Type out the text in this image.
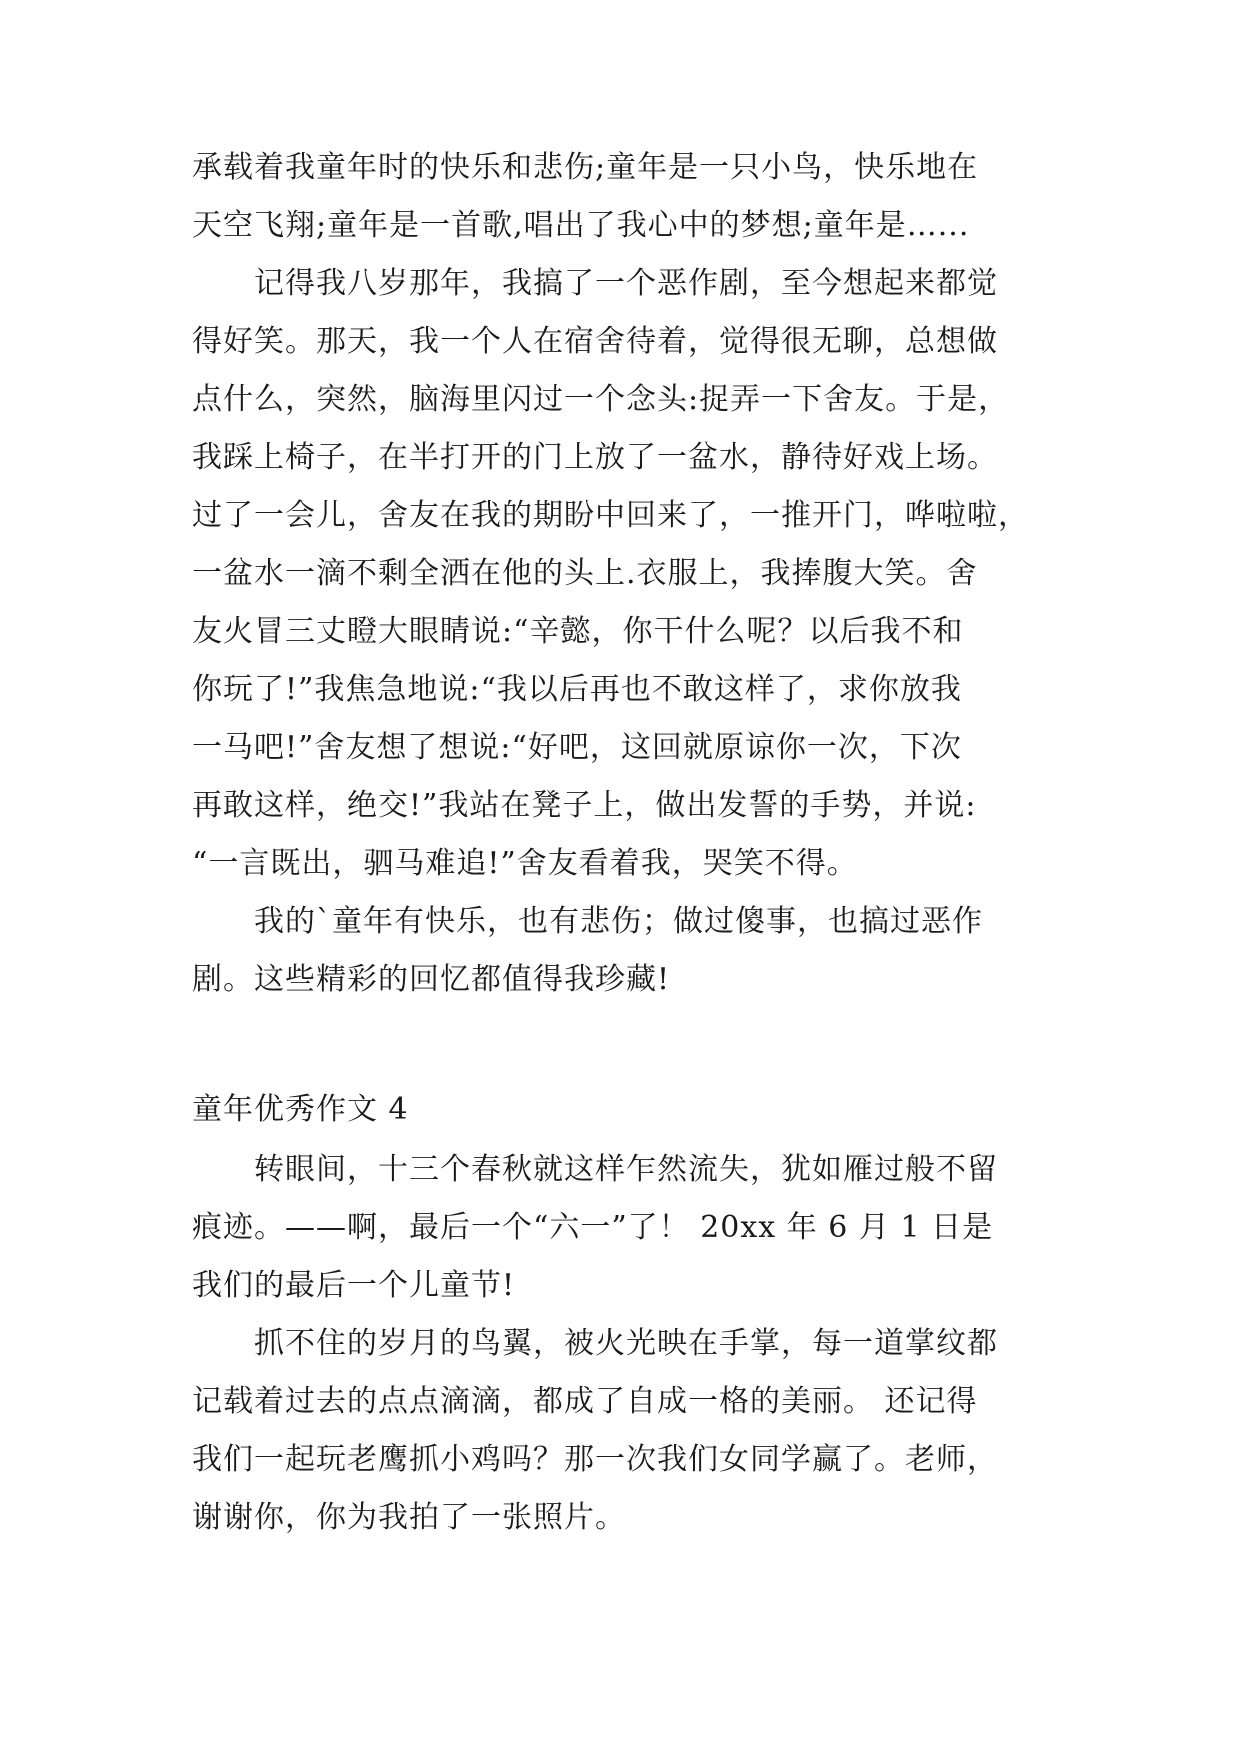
承载着我童年时的快乐和悲伤;童年是一只小鸟，快乐地在

天空飞翔;童年是一首歌,唱出了我心中的梦想;童年是…...

　　记得我八岁那年，我搞了一个恶作剧，至今想起来都觉

得好笑。那天，我一个人在宿舍待着，觉得很无聊，总想做

点什么，突然，脑海里闪过一个念头:捉弄一下舍友。于是，

我踩上椅子，在半打开的门上放了一盆水，静待好戏上场。

过了一会儿，舍友在我的期盼中回来了，一推开门，哗啦啦，

一盆水一滴不剩全洒在他的头上.衣服上，我捧腹大笑。舍

友火冒三丈瞪大眼睛说:“辛懿，你干什么呢？以后我不和

你玩了!”我焦急地说:“我以后再也不敢这样了，求你放我

一马吧!”舍友想了想说:“好吧，这回就原谅你一次，下次

再敢这样，绝交!”我站在凳子上，做出发誓的手势，并说:

“一言既出，驷马难追!”舍友看着我，哭笑不得。

　　我的`童年有快乐，也有悲伤；做过傻事，也搞过恶作

剧。这些精彩的回忆都值得我珍藏!

童年优秀作文 4

　　转眼间，十三个春秋就这样乍然流失，犹如雁过般不留

痕迹。——啊，最后一个“六一”了！ 20xx 年 6 月 1 日是

我们的最后一个儿童节!

　　抓不住的岁月的鸟翼，被火光映在手掌，每一道掌纹都

记载着过去的点点滴滴，都成了自成一格的美丽。 还记得

我们一起玩老鹰抓小鸡吗？那一次我们女同学赢了。老师，

谢谢你，你为我拍了一张照片。
